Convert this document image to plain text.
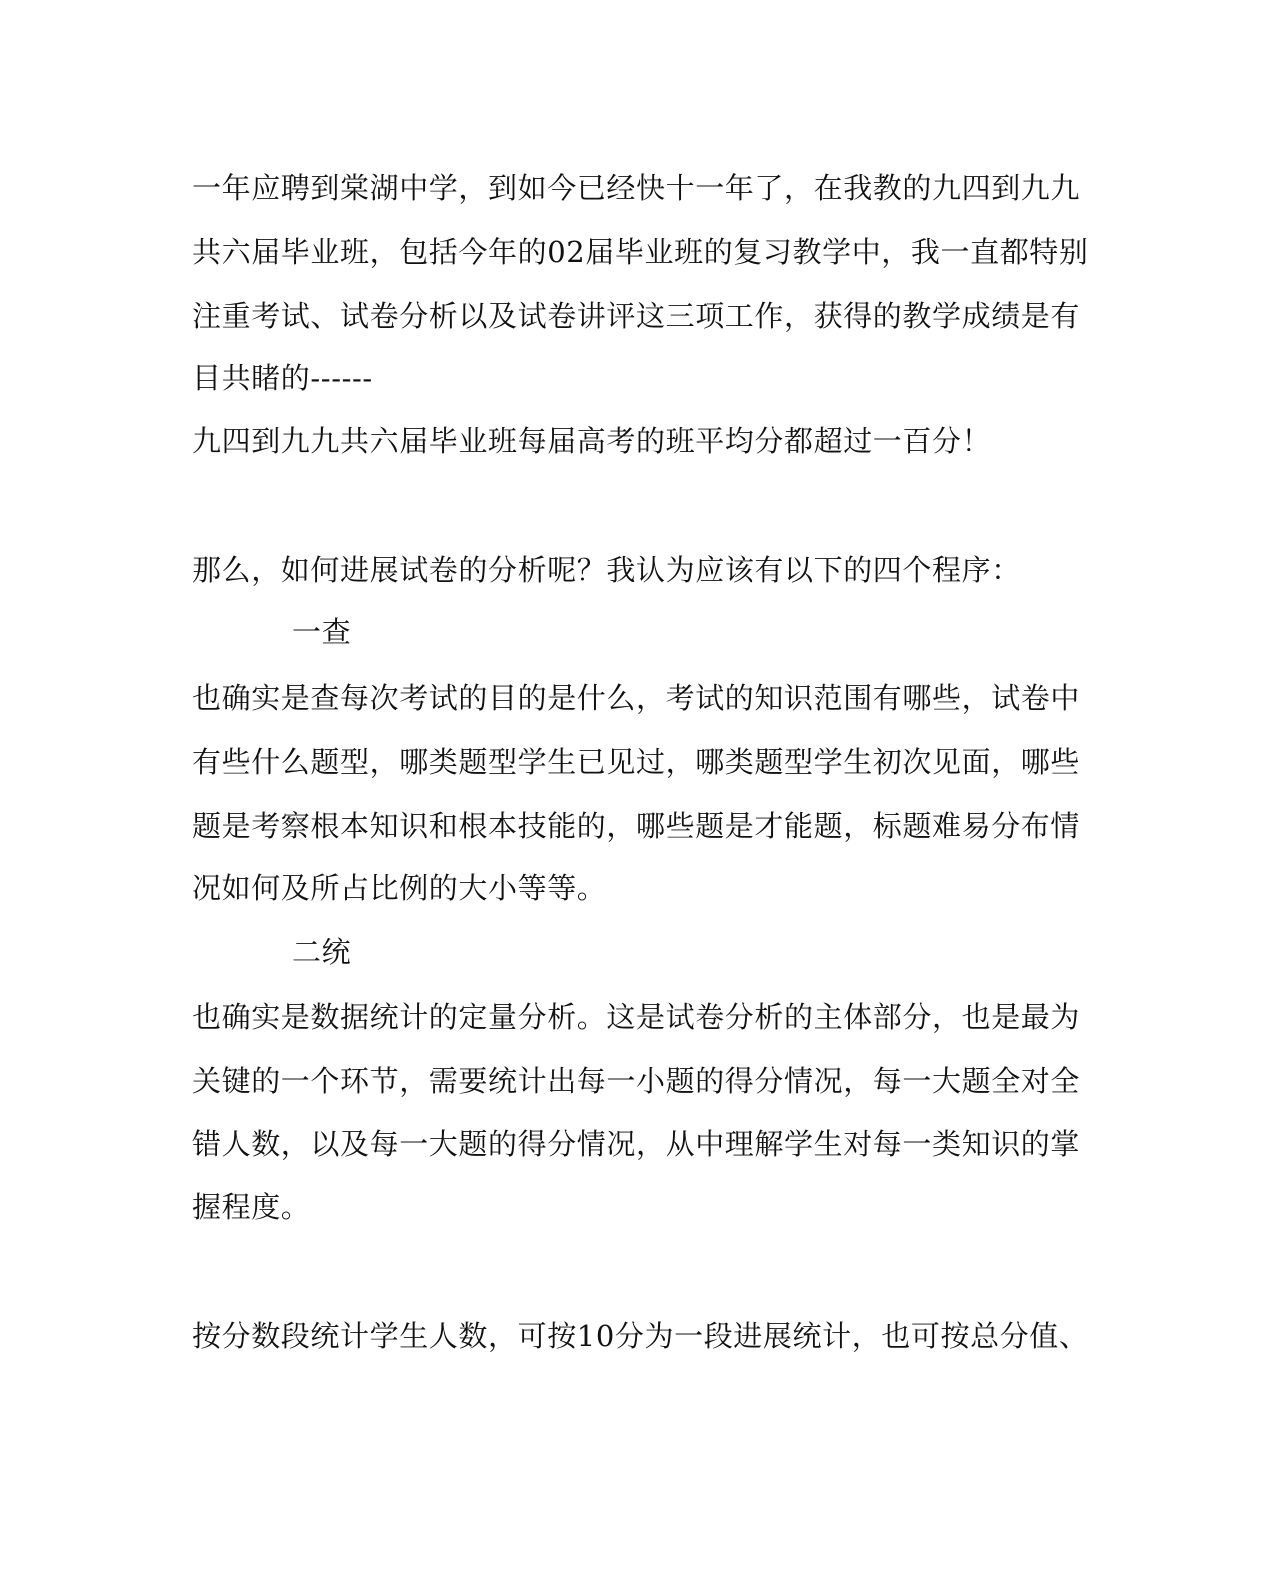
一年应聘到棠湖中学，到如今已经快十一年了，在我教的九四到九九
共六届毕业班，包括今年的02届毕业班的复习教学中，我一直都特别
注重考试、试卷分析以及试卷讲评这三项工作，获得的教学成绩是有
目共睹的------
九四到九九共六届毕业班每届高考的班平均分都超过一百分！
那么，如何进展试卷的分析呢？我认为应该有以下的四个程序：
一查
也确实是查每次考试的目的是什么，考试的知识范围有哪些，试卷中
有些什么题型，哪类题型学生已见过，哪类题型学生初次见面，哪些
题是考察根本知识和根本技能的，哪些题是才能题，标题难易分布情
况如何及所占比例的大小等等。
二统
也确实是数据统计的定量分析。这是试卷分析的主体部分，也是最为
关键的一个环节，需要统计出每一小题的得分情况，每一大题全对全
错人数，以及每一大题的得分情况，从中理解学生对每一类知识的掌
握程度。
按分数段统计学生人数，可按10分为一段进展统计，也可按总分值、
